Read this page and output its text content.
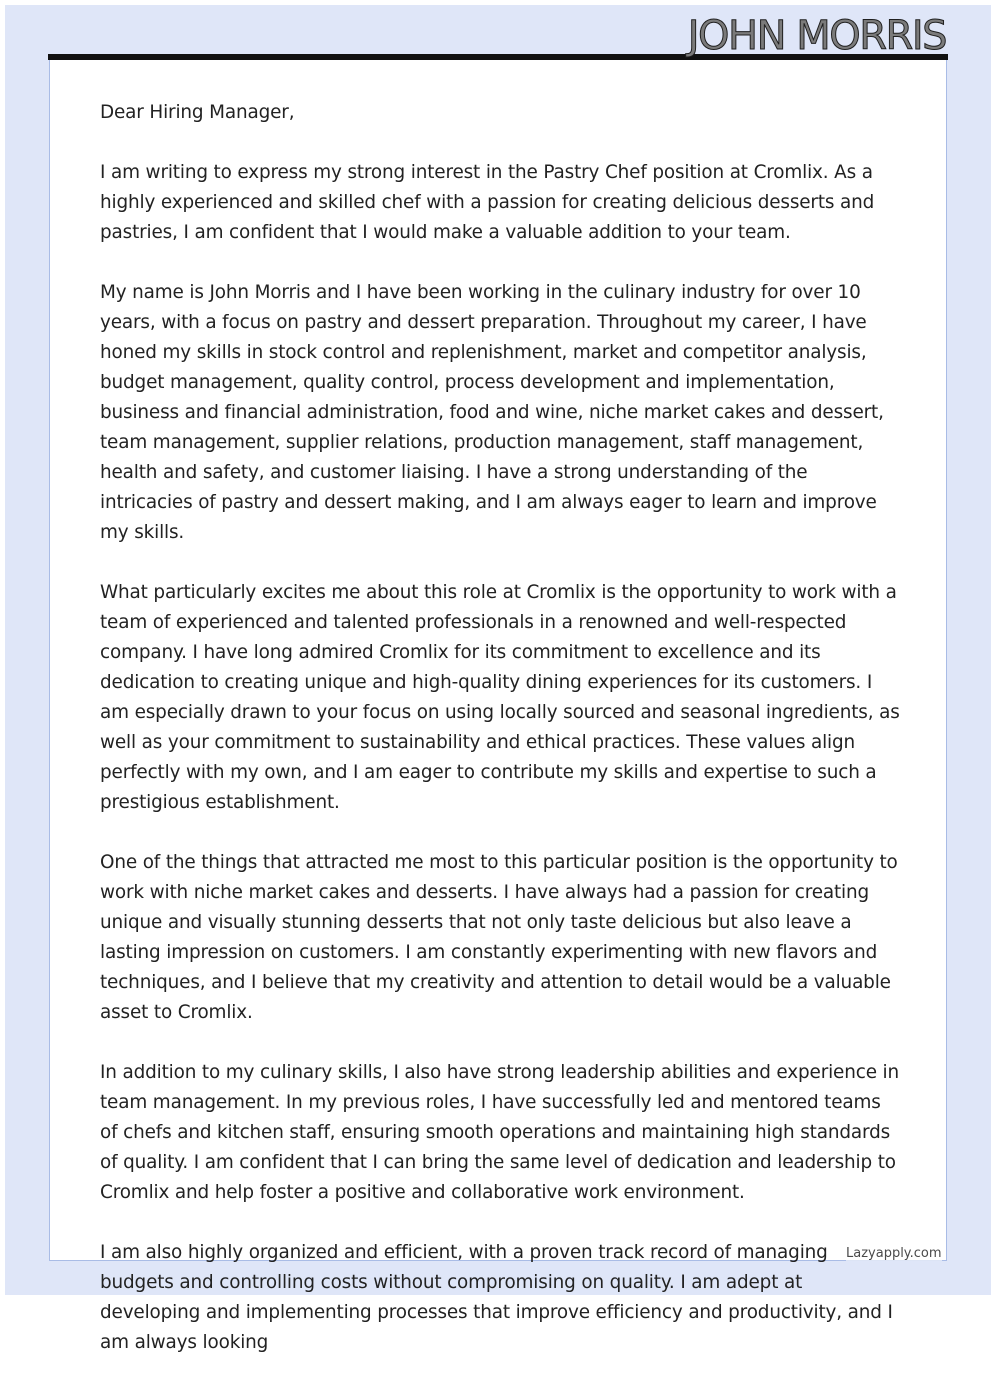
JOHN MORRIS

Dear Hiring Manager,

I am writing to express my strong interest in the Pastry Chef position at Cromlix. As a highly experienced and skilled chef with a passion for creating delicious desserts and pastries, I am confident that I would make a valuable addition to your team.

My name is John Morris and I have been working in the culinary industry for over 10 years, with a focus on pastry and dessert preparation. Throughout my career, I have honed my skills in stock control and replenishment, market and competitor analysis, budget management, quality control, process development and implementation, business and financial administration, food and wine, niche market cakes and dessert, team management, supplier relations, production management, staff management, health and safety, and customer liaising. I have a strong understanding of the intricacies of pastry and dessert making, and I am always eager to learn and improve my skills.

What particularly excites me about this role at Cromlix is the opportunity to work with a team of experienced and talented professionals in a renowned and well-respected company. I have long admired Cromlix for its commitment to excellence and its dedication to creating unique and high-quality dining experiences for its customers. I am especially drawn to your focus on using locally sourced and seasonal ingredients, as well as your commitment to sustainability and ethical practices. These values align perfectly with my own, and I am eager to contribute my skills and expertise to such a prestigious establishment.

One of the things that attracted me most to this particular position is the opportunity to work with niche market cakes and desserts. I have always had a passion for creating unique and visually stunning desserts that not only taste delicious but also leave a lasting impression on customers. I am constantly experimenting with new flavors and techniques, and I believe that my creativity and attention to detail would be a valuable asset to Cromlix.

In addition to my culinary skills, I also have strong leadership abilities and experience in team management. In my previous roles, I have successfully led and mentored teams of chefs and kitchen staff, ensuring smooth operations and maintaining high standards of quality. I am confident that I can bring the same level of dedication and leadership to Cromlix and help foster a positive and collaborative work environment.

I am also highly organized and efficient, with a proven track record of managing budgets and controlling costs without compromising on quality. I am adept at developing and implementing processes that improve efficiency and productivity, and I am always looking

Lazyapply.com
